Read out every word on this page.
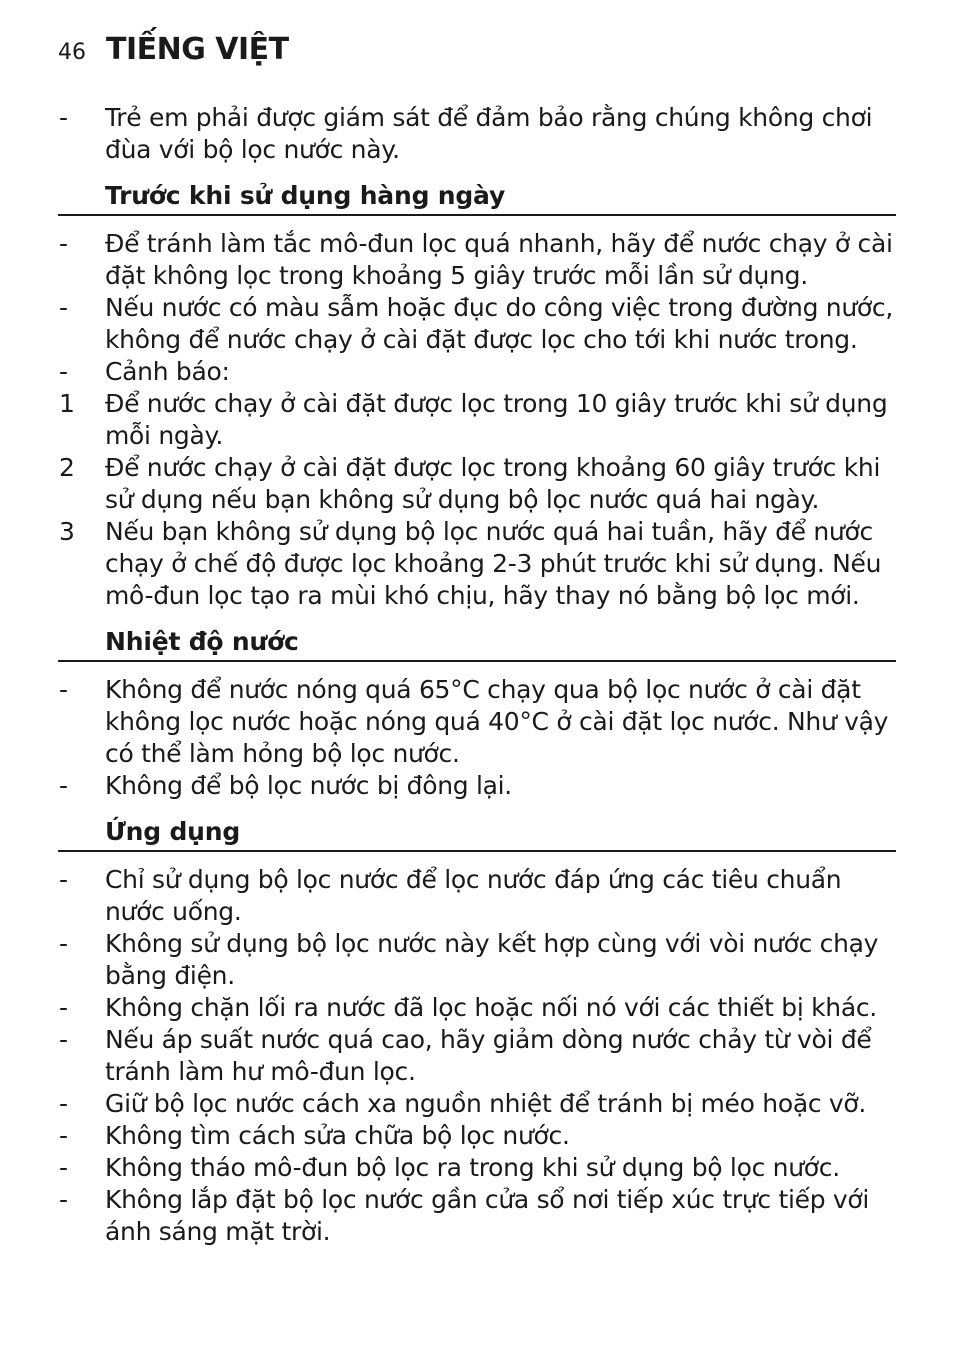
46 TIẾNG VIỆT
-	Trẻ em phải được giám sát để đảm bảo rằng chúng không chơi đùa với bộ lọc nước này.
Trước khi sử dụng hàng ngày
-	Để tránh làm tắc mô-đun lọc quá nhanh, hãy để nước chạy ở cài đặt không lọc trong khoảng 5 giây trước mỗi lần sử dụng.
-	Nếu nước có màu sẫm hoặc đục do công việc trong đường nước, không để nước chạy ở cài đặt được lọc cho tới khi nước trong.
-	Cảnh báo:
1	Để nước chạy ở cài đặt được lọc trong 10 giây trước khi sử dụng mỗi ngày.
2	Để nước chạy ở cài đặt được lọc trong khoảng 60 giây trước khi sử dụng nếu bạn không sử dụng bộ lọc nước quá hai ngày.
3	Nếu bạn không sử dụng bộ lọc nước quá hai tuần, hãy để nước chạy ở chế độ được lọc khoảng 2-3 phút trước khi sử dụng. Nếu mô-đun lọc tạo ra mùi khó chịu, hãy thay nó bằng bộ lọc mới.
Nhiệt độ nước
-	Không để nước nóng quá 65°C chạy qua bộ lọc nước ở cài đặt không lọc nước hoặc nóng quá 40°C ở cài đặt lọc nước. Như vậy có thể làm hỏng bộ lọc nước.
-	Không để bộ lọc nước bị đông lại.
Ứng dụng
-	Chỉ sử dụng bộ lọc nước để lọc nước đáp ứng các tiêu chuẩn nước uống.
-	Không sử dụng bộ lọc nước này kết hợp cùng với vòi nước chạy bằng điện.
-	Không chặn lối ra nước đã lọc hoặc nối nó với các thiết bị khác.
-	Nếu áp suất nước quá cao, hãy giảm dòng nước chảy từ vòi để tránh làm hư mô-đun lọc.
-	Giữ bộ lọc nước cách xa nguồn nhiệt để tránh bị méo hoặc vỡ.
-	Không tìm cách sửa chữa bộ lọc nước.
-	Không tháo mô-đun bộ lọc ra trong khi sử dụng bộ lọc nước.
-	Không lắp đặt bộ lọc nước gần cửa sổ nơi tiếp xúc trực tiếp với ánh sáng mặt trời.
